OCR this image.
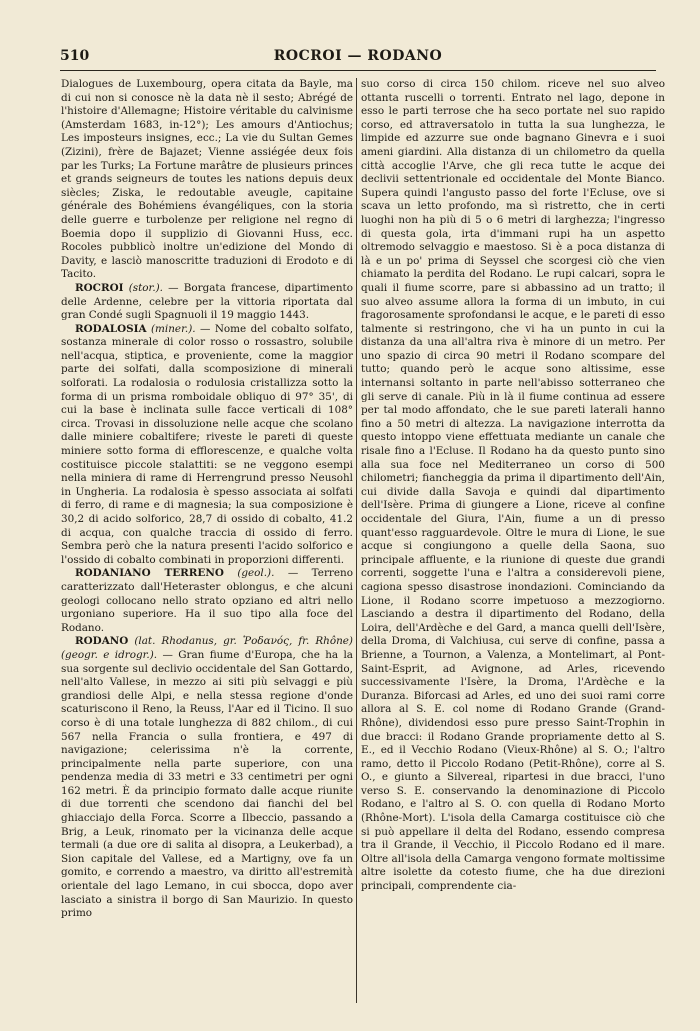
510	ROCROI — RODANO

Dialogues de Luxembourg, opera citata da Bayle, ma di cui non si conosce nè la data nè il sesto; Abrégé de l'histoire d'Allemagne; Histoire véritable du calvinisme (Amsterdam 1683, in-12°); Les amours d'Antiochus; Les imposteurs insignes, ecc.; La vie du Sultan Gemes (Zizini), frère de Bajazet; Vienne assiégée deux fois par les Turks; La Fortune marâtre de plusieurs princes et grands seigneurs de toutes les nations depuis deux siècles; Ziska, le redoutable aveugle, capitaine générale des Bohémiens évangéliques, con la storia delle guerre e turbolenze per religione nel regno di Boemia dopo il supplizio di Giovanni Huss, ecc. Rocoles pubblicò inoltre un'edizione del Mondo di Davity, e lasciò manoscritte traduzioni di Erodoto e di Tacito.

ROCROI (stor.). — Borgata francese, dipartimento delle Ardenne, celebre per la vittoria riportata dal gran Condé sugli Spagnuoli il 19 maggio 1443.

RODALOSIA (miner.). — Nome del cobalto solfato, sostanza minerale di color rosso o rossastro, solubile nell'acqua, stiptica, e proveniente, come la maggior parte dei solfati, dalla scomposizione di minerali solforati. La rodalosia o rodulosia cristallizza sotto la forma di un prisma romboidale obliquo di 97° 35', di cui la base è inclinata sulle facce verticali di 108° circa. Trovasi in dissoluzione nelle acque che scolano dalle miniere cobaltifere; riveste le pareti di queste miniere sotto forma di efflorescenze, e qualche volta costituisce piccole stalattiti: se ne veggono esempi nella miniera di rame di Herrengrund presso Neusohl in Ungheria. La rodalosia è spesso associata ai solfati di ferro, di rame e di magnesia; la sua composizione è 30,2 di acido solforico, 28,7 di ossido di cobalto, 41.2 di acqua, con qualche traccia di ossido di ferro. Sembra però che la natura presenti l'acido solforico e l'ossido di cobalto combinati in proporzioni differenti.

RODANIANO TERRENO (geol.). — Terreno caratterizzato dall'Heteraster oblongus, e che alcuni geologi collocano nello strato opziano ed altri nello urgoniano superiore. Ha il suo tipo alla foce del Rodano.

RODANO (lat. Rhodanus, gr. Ῥοδανός, fr. Rhône) (geogr. e idrogr.). — Gran fiume d'Europa, che ha la sua sorgente sul declivio occidentale del San Gottardo, nell'alto Vallese, in mezzo ai siti più selvaggi e più grandiosi delle Alpi, e nella stessa regione d'onde scaturiscono il Reno, la Reuss, l'Aar ed il Ticino. Il suo corso è di una totale lunghezza di 882 chilom., di cui 567 nella Francia o sulla frontiera, e 497 di navigazione; celerissima n'è la corrente, principalmente nella parte superiore, con una pendenza media di 33 metri e 33 centimetri per ogni 162 metri. È da principio formato dalle acque riunite di due torrenti che scendono dai fianchi del bel ghiacciajo della Forca. Scorre a Ilbeccio, passando a Brig, a Leuk, rinomato per la vicinanza delle acque termali (a due ore di salita al disopra, a Leukerbad), a Sion capitale del Vallese, ed a Martigny, ove fa un gomito, e correndo a maestro, va diritto all'estremità orientale del lago Lemano, in cui sbocca, dopo aver lasciato a sinistra il borgo di San Maurizio. In questo primo

suo corso di circa 150 chilom. riceve nel suo alveo ottanta ruscelli o torrenti. Entrato nel lago, depone in esso le parti terrose che ha seco portate nel suo rapido corso, ed attraversatolo in tutta la sua lunghezza, le limpide ed azzurre sue onde bagnano Ginevra e i suoi ameni giardini. Alla distanza di un chilometro da quella città accoglie l'Arve, che gli reca tutte le acque dei declivii settentrionale ed occidentale del Monte Bianco. Supera quindi l'angusto passo del forte l'Ecluse, ove si scava un letto profondo, ma sì ristretto, che in certi luoghi non ha più di 5 o 6 metri di larghezza; l'ingresso di questa gola, irta d'immani rupi ha un aspetto oltremodo selvaggio e maestoso. Si è a poca distanza di là e un po' prima di Seyssel che scorgesi ciò che vien chiamato la perdita del Rodano. Le rupi calcari, sopra le quali il fiume scorre, pare si abbassino ad un tratto; il suo alveo assume allora la forma di un imbuto, in cui fragorosamente sprofondansi le acque, e le pareti di esso talmente si restringono, che vi ha un punto in cui la distanza da una all'altra riva è minore di un metro. Per uno spazio di circa 90 metri il Rodano scompare del tutto; quando però le acque sono altissime, esse internansi soltanto in parte nell'abisso sotterraneo che gli serve di canale. Più in là il fiume continua ad essere per tal modo affondato, che le sue pareti laterali hanno fino a 50 metri di altezza. La navigazione interrotta da questo intoppo viene effettuata mediante un canale che risale fino a l'Ecluse. Il Rodano ha da questo punto sino alla sua foce nel Mediterraneo un corso di 500 chilometri; fiancheggia da prima il dipartimento dell'Ain, cui divide dalla Savoja e quindi dal dipartimento dell'Isère. Prima di giungere a Lione, riceve al confine occidentale del Giura, l'Ain, fiume a un di presso quant'esso ragguardevole. Oltre le mura di Lione, le sue acque si congiungono a quelle della Saona, suo principale affluente, e la riunione di queste due grandi correnti, soggette l'una e l'altra a considerevoli piene, cagiona spesso disastrose inondazioni. Cominciando da Lione, il Rodano scorre impetuoso a mezzogiorno. Lasciando a destra il dipartimento del Rodano, della Loira, dell'Ardèche e del Gard, a manca quelli dell'Isère, della Droma, di Valchiusa, cui serve di confine, passa a Brienne, a Tournon, a Valenza, a Montelimart, al Pont-Saint-Esprit, ad Avignone, ad Arles, ricevendo successivamente l'Isère, la Droma, l'Ardèche e la Duranza. Biforcasi ad Arles, ed uno dei suoi rami corre allora al S. E. col nome di Rodano Grande (Grand-Rhône), dividendosi esso pure presso Saint-Trophin in due bracci: il Rodano Grande propriamente detto al S. E., ed il Vecchio Rodano (Vieux-Rhône) al S. O.; l'altro ramo, detto il Piccolo Rodano (Petit-Rhône), corre al S. O., e giunto a Silvereal, ripartesi in due bracci, l'uno verso S. E. conservando la denominazione di Piccolo Rodano, e l'altro al S. O. con quella di Rodano Morto (Rhône-Mort). L'isola della Camarga costituisce ciò che si può appellare il delta del Rodano, essendo compresa tra il Grande, il Vecchio, il Piccolo Rodano ed il mare. Oltre all'isola della Camarga vengono formate moltissime altre isolette da cotesto fiume, che ha due direzioni principali, comprendente cia-
